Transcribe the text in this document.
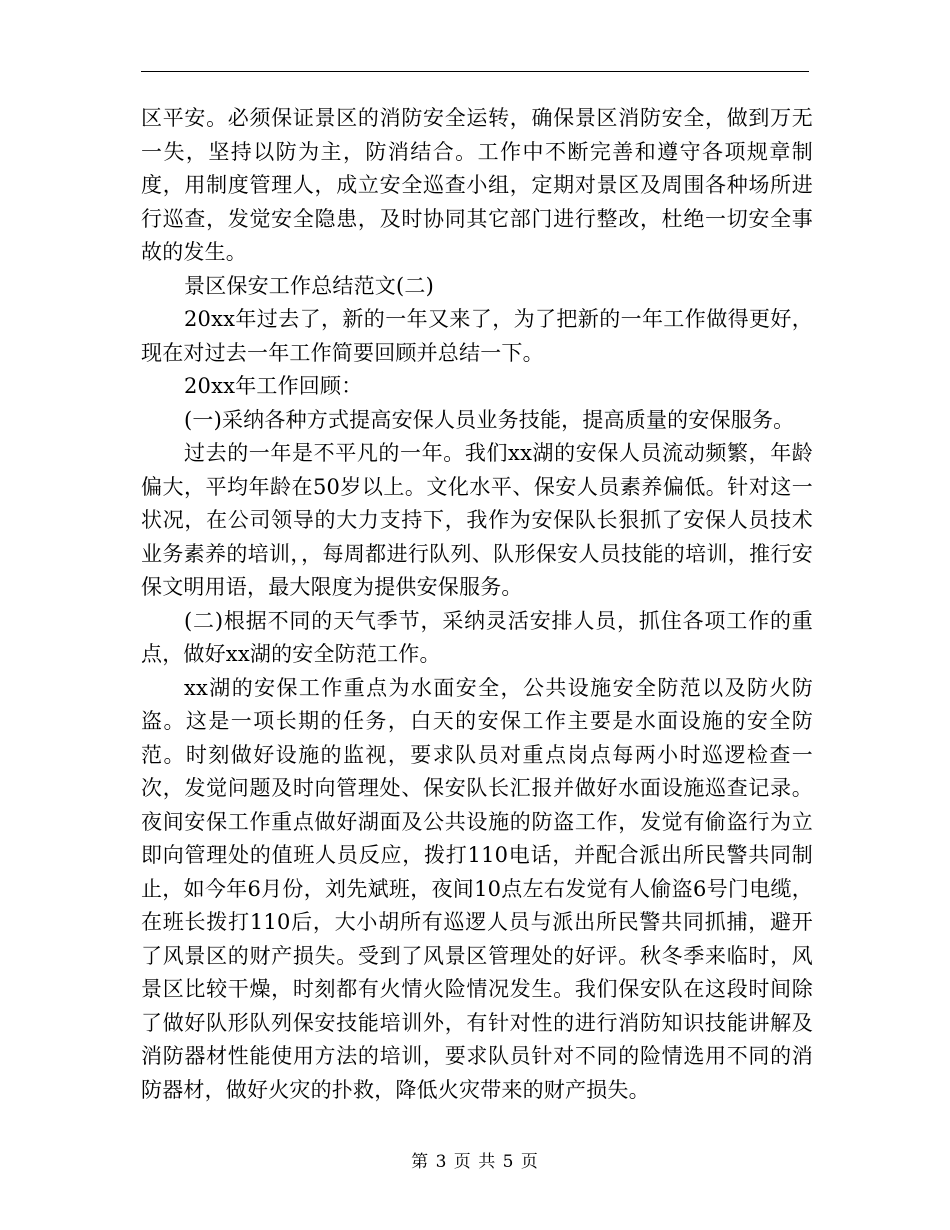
区平安。必须保证景区的消防安全运转，确保景区消防安全，做到万无一失，坚持以防为主，防消结合。工作中不断完善和遵守各项规章制度，用制度管理人，成立安全巡查小组，定期对景区及周围各种场所进行巡查，发觉安全隐患，及时协同其它部门进行整改，杜绝一切安全事故的发生。

景区保安工作总结范文(二)

20xx年过去了，新的一年又来了，为了把新的一年工作做得更好，现在对过去一年工作简要回顾并总结一下。

20xx年工作回顾：

(一)采纳各种方式提高安保人员业务技能，提高质量的安保服务。

过去的一年是不平凡的一年。我们xx湖的安保人员流动频繁，年龄偏大，平均年龄在50岁以上。文化水平、保安人员素养偏低。针对这一状况，在公司领导的大力支持下，我作为安保队长狠抓了安保人员技术业务素养的培训，，每周都进行队列、队形保安人员技能的培训，推行安保文明用语，最大限度为提供安保服务。

(二)根据不同的天气季节，采纳灵活安排人员，抓住各项工作的重点，做好xx湖的安全防范工作。

xx湖的安保工作重点为水面安全，公共设施安全防范以及防火防盗。这是一项长期的任务，白天的安保工作主要是水面设施的安全防范。时刻做好设施的监视，要求队员对重点岗点每两小时巡逻检查一次，发觉问题及时向管理处、保安队长汇报并做好水面设施巡查记录。夜间安保工作重点做好湖面及公共设施的防盗工作，发觉有偷盗行为立即向管理处的值班人员反应，拨打110电话，并配合派出所民警共同制止，如今年6月份，刘先斌班，夜间10点左右发觉有人偷盗6号门电缆，在班长拨打110后，大小胡所有巡逻人员与派出所民警共同抓捕，避开了风景区的财产损失。受到了风景区管理处的好评。秋冬季来临时，风景区比较干燥，时刻都有火情火险情况发生。我们保安队在这段时间除了做好队形队列保安技能培训外，有针对性的进行消防知识技能讲解及消防器材性能使用方法的培训，要求队员针对不同的险情选用不同的消防器材，做好火灾的扑救，降低火灾带来的财产损失。

第 3 页 共 5 页
